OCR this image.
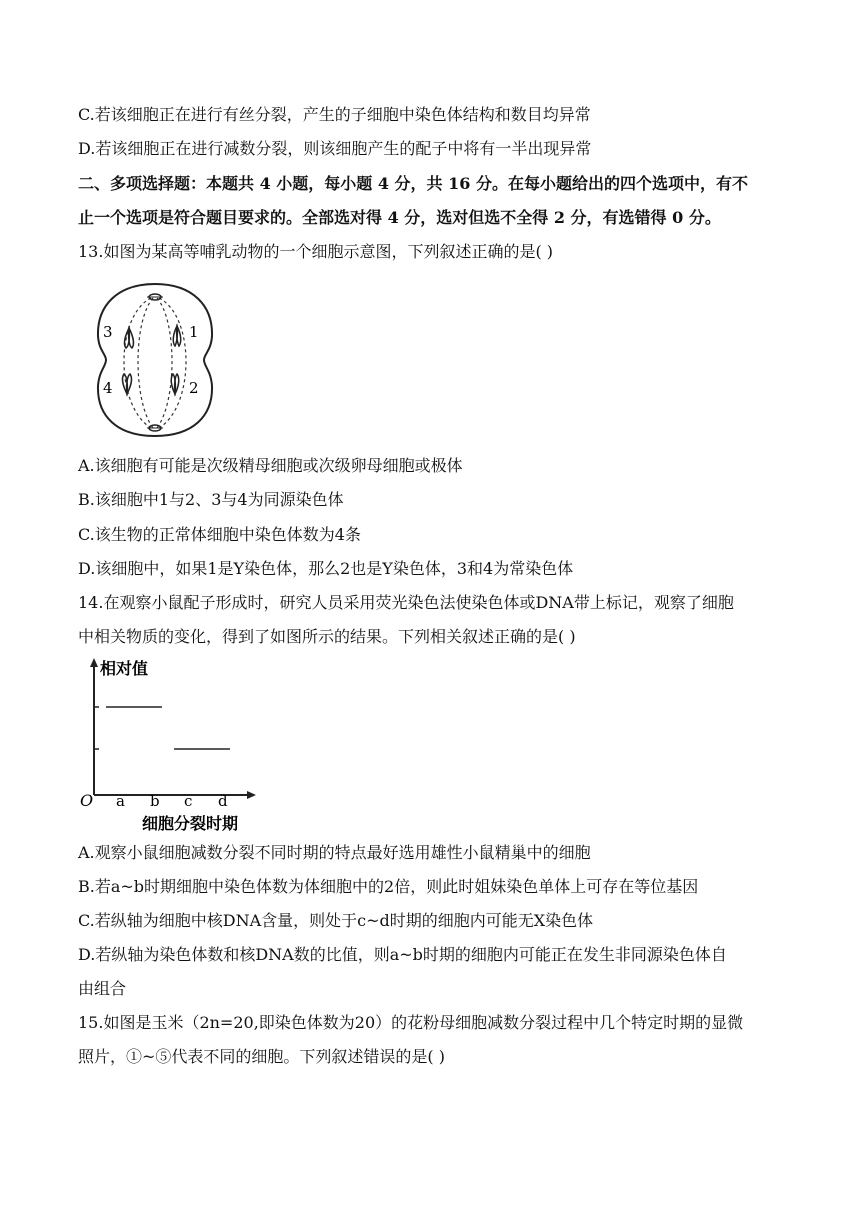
C.若该细胞正在进行有丝分裂，产生的子细胞中染色体结构和数目均异常
D.若该细胞正在进行减数分裂，则该细胞产生的配子中将有一半出现异常
二、多项选择题：本题共 4 小题，每小题 4 分，共 16 分。在每小题给出的四个选项中，有不
止一个选项是符合题目要求的。全部选对得 4 分，选对但选不全得 2 分，有选错得 0 分。
13.如图为某高等哺乳动物的一个细胞示意图，下列叙述正确的是( )
3	1
4	2
A.该细胞有可能是次级精母细胞或次级卵母细胞或极体
B.该细胞中1与2、3与4为同源染色体
C.该生物的正常体细胞中染色体数为4条
D.该细胞中，如果1是Y染色体，那么2也是Y染色体，3和4为常染色体
14.在观察小鼠配子形成时，研究人员采用荧光染色法使染色体或DNA带上标记，观察了细胞
中相关物质的变化，得到了如图所示的结果。下列相关叙述正确的是( )
相对值
O a b c d
细胞分裂时期
A.观察小鼠细胞减数分裂不同时期的特点最好选用雄性小鼠精巢中的细胞
B.若a~b时期细胞中染色体数为体细胞中的2倍，则此时姐妹染色单体上可存在等位基因
C.若纵轴为细胞中核DNA含量，则处于c~d时期的细胞内可能无X染色体
D.若纵轴为染色体数和核DNA数的比值，则a~b时期的细胞内可能正在发生非同源染色体自
由组合
15.如图是玉米（2n=20,即染色体数为20）的花粉母细胞减数分裂过程中几个特定时期的显微
照片，①~⑤代表不同的细胞。下列叙述错误的是( )
